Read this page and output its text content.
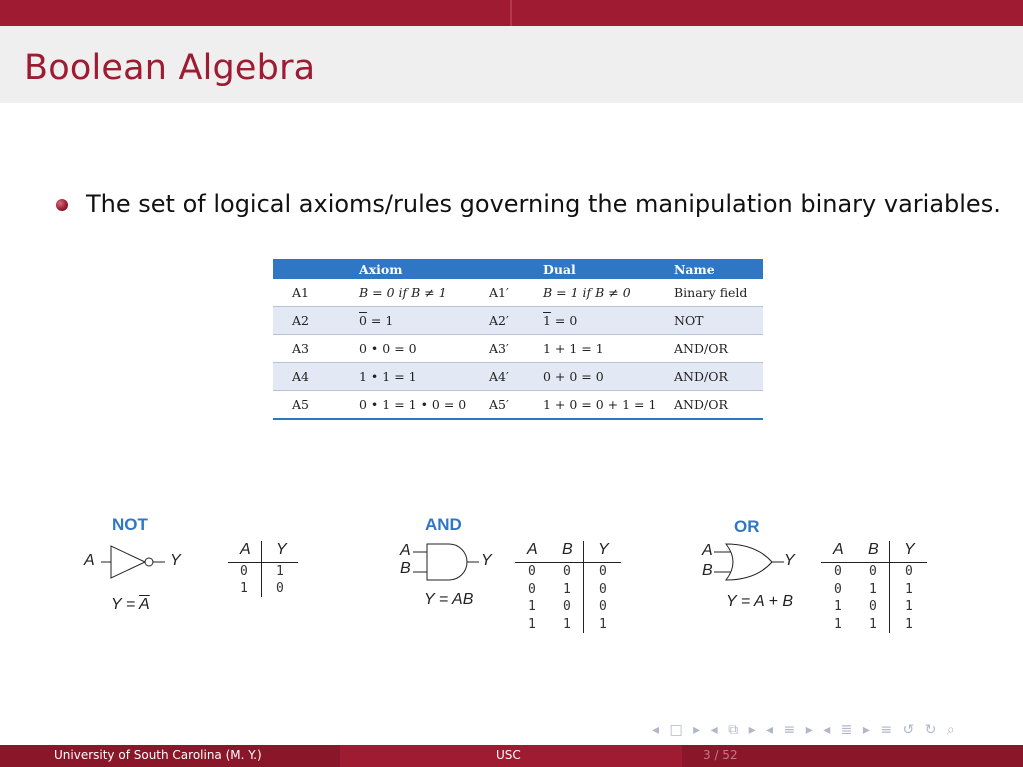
Boolean Algebra
The set of logical axioms/rules governing the manipulation binary variables.
	Axiom		Dual	Name
A1	B = 0 if B ≠ 1	A1′	B = 1 if B ≠ 0	Binary field
A2	0 = 1	A2′	1 = 0	NOT
A3	0 • 0 = 0	A3′	1 + 1 = 1	AND/OR
A4	1 • 1 = 1	A4′	0 + 0 = 0	AND/OR
A5	0 • 1 = 1 • 0 = 0	A5′	1 + 0 = 0 + 1 = 1	AND/OR
NOT
A	Y
$Y = \overline{A}$
A Y
0 1
1 0
AND
A
B	Y
Y = AB
A B Y
0 0 0
0 1 0
1 0 0
1 1 1
OR
A
B
Y
Y = A + B
A B Y
0 0 0
0 1 1
1 0 1
1 1 1
◂ □ ▸ ◂ ⧉ ▸ ◂ ≡ ▸ ◂ ≣ ▸ ≡ ↺ ↻ ⌕
University of South Carolina (M. Y.)	USC	3 / 52
